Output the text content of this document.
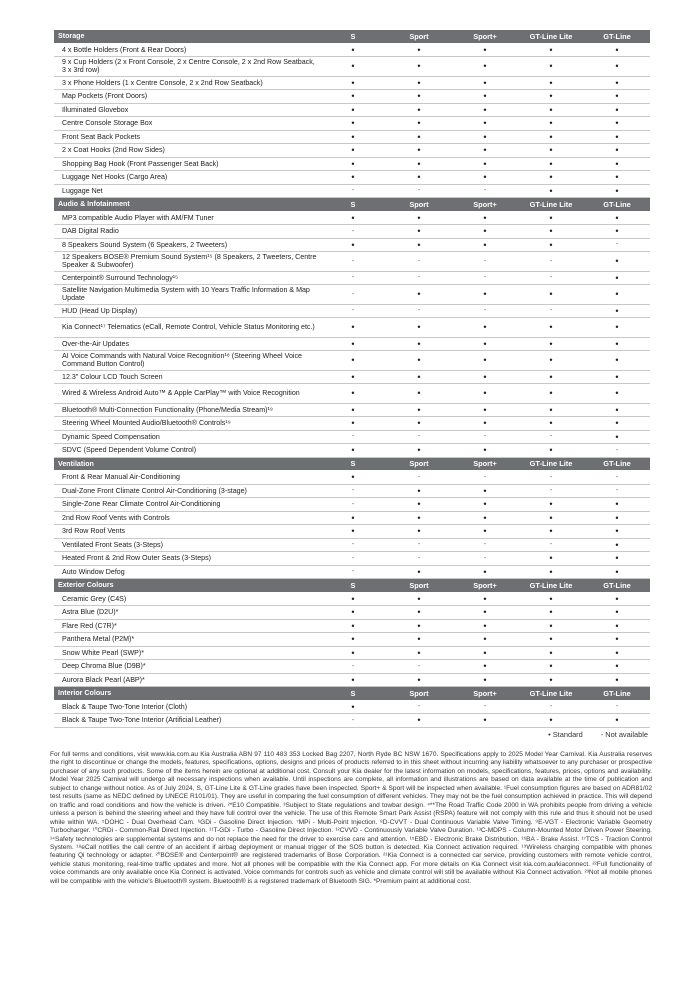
Storage	S	Sport	Sport+	GT-Line Lite	GT-Line
4 x Bottle Holders (Front & Rear Doors)	•	•	•	•	•
9 x Cup Holders (2 x Front Console, 2 x Centre Console, 2 x 2nd Row Seatback, 3 x 3rd row)	•	•	•	•	•
3 x Phone Holders (1 x Centre Console, 2 x 2nd Row Seatback)	•	•	•	•	•
Map Pockets (Front Doors)	•	•	•	•	•
Illuminated Glovebox	•	•	•	•	•
Centre Console Storage Box	•	•	•	•	•
Front Seat Back Pockets	•	•	•	•	•
2 x Coat Hooks (2nd Row Sides)	•	•	•	•	•
Shopping Bag Hook (Front Passenger Seat Back)	•	•	•	•	•
Luggage Net Hooks (Cargo Area)	•	•	•	•	•
Luggage Net	-	-	-	•	•
Audio & Infotainment	S	Sport	Sport+	GT-Line Lite	GT-Line
MP3 compatible Audio Player with AM/FM Tuner	•	•	•	•	•
DAB Digital Radio	-	•	•	•	•
8 Speakers Sound System (6 Speakers, 2 Tweeters)	•	•	•	•	-
12 Speakers BOSE® Premium Sound System¹⁵ (8 Speakers, 2 Tweeters, Centre Speaker & Subwoofer)	-	-	-	-	•
Centerpoint® Surround Technology¹⁵	-	-	-	-	•
Satellite Navigation Multimedia System with 10 Years Traffic Information & Map Update	-	•	•	•	•
HUD (Head Up Display)	-	-	-	-	•
Kia Connect¹⁷ Telematics (eCall, Remote Control, Vehicle Status Monitoring etc.)	•	•	•	•	•
Over-the-Air Updates	•	•	•	•	•
AI Voice Commands with Natural Voice Recognition¹⁸ (Steering Wheel Voice Command Button Control)	•	•	•	•	•
12.3" Colour LCD Touch Screen	•	•	•	•	•
Wired & Wireless Android Auto™ & Apple CarPlay™ with Voice Recognition	•	•	•	•	•
Bluetooth® Multi-Connection Functionality (Phone/Media Stream)¹⁹	•	•	•	•	•
Steering Wheel Mounted Audio/Bluetooth® Controls¹⁹	•	•	•	•	•
Dynamic Speed Compensation	-	-	-	-	•
SDVC (Speed Dependent Volume Control)	•	•	•	•	-
Ventilation	S	Sport	Sport+	GT-Line Lite	GT-Line
Front & Rear Manual Air-Conditioning	•	-	-	-	-
Dual-Zone Front Climate Control Air-Conditioning (3-stage)	-	•	•	-	-
Single-Zone Rear Climate Control Air-Conditioning	-	•	•	•	•
2nd Row Roof Vents with Controls	•	•	•	•	•
3rd Row Roof Vents	•	•	•	•	•
Ventilated Front Seats (3-Steps)	-	-	-	-	•
Heated Front & 2nd Row Outer Seats (3-Steps)	-	-	-	•	•
Auto Window Defog	-	•	•	•	•
Exterior Colours	S	Sport	Sport+	GT-Line Lite	GT-Line
Ceramic Grey (C4S)	•	•	•	•	•
Astra Blue (D2U)*	•	•	•	•	•
Flare Red (C7R)*	•	•	•	•	•
Panthera Metal (P2M)*	•	•	•	•	•
Snow White Pearl (SWP)*	•	•	•	•	•
Deep Chroma Blue (D9B)*	-	-	•	•	•
Aurora Black Pearl (ABP)*	•	•	•	•	•
Interior Colours	S	Sport	Sport+	GT-Line Lite	GT-Line
Black & Taupe Two-Tone Interior (Cloth)	•	-	-	-	-
Black & Taupe Two-Tone Interior (Artificial Leather)	-	•	•	•	•
• Standard - Not available

For full terms and conditions, visit www.kia.com.au Kia Australia ABN 97 110 483 353 Locked Bag 2207, North Ryde BC NSW 1670. Specifications apply to 2025 Model Year Carnival. Kia Australia reserves the right to discontinue or change the models, features, specifications, options, designs and prices of products referred to in this sheet without incurring any liability whatsoever to any purchaser or prospective purchaser of any such products. Some of the items herein are optional at additional cost. Consult your Kia dealer for the latest information on models, specifications, features, prices, options and availability. Model Year 2025 Carnival will undergo all necessary inspections when available. Until inspections are complete, all information and illustrations are based on data available at the time of publication and subject to change without notice. As of July 2024, S, GT-Line Lite & GT-Line grades have been inspected. Sport+ & Sport will be inspected when available. ¹Fuel consumption figures are based on ADR81/02 test results (same as NEDC defined by UNECE R101/01). They are useful in comparing the fuel consumption of different vehicles. They may not be the fuel consumption achieved in practice. This will depend on traffic and road conditions and how the vehicle is driven. ²*E10 Compatible. ³Subject to State regulations and towbar design. ⁴**The Road Traffic Code 2000 in WA prohibits people from driving a vehicle unless a person is behind the steering wheel and they have full control over the vehicle. The use of this Remote Smart Park Assist (RSPA) feature will not comply with this rule and thus it should not be used while within WA. ⁵DOHC - Dual Overhead Cam. ⁶GDi - Gasoline Direct Injection. ⁷MPi - Multi-Point Injection. ⁸D-CVVT - Dual Continuous Variable Valve Timing. ⁹E-VGT - Electronic Variable Geometry Turbocharger. ¹⁰CRDi - Common-Rail Direct Injection. ¹¹T-GDi - Turbo - Gasoline Direct Injection. ¹²CVVD - Continuously Variable Valve Duration. ¹³C-MDPS - Column-Mounted Motor Driven Power Steering. ¹⁴Safety technologies are supplemental systems and do not replace the need for the driver to exercise care and attention. ¹⁵EBD - Electronic Brake Distribution. ¹⁶BA - Brake Assist. ¹⁷TCS - Traction Control System. ¹⁸eCall notifies the call centre of an accident if airbag deployment or manual trigger of the SOS button is detected. Kia Connect activation required. ¹⁹Wireless charging compatible with phones featuring Qi technology or adapter. ²⁰BOSE® and Centerpoint® are registered trademarks of Bose Corporation. ²¹Kia Connect is a connected car service, providing customers with remote vehicle control, vehicle status monitoring, real-time traffic updates and more. Not all phones will be compatible with the Kia Connect app. For more details on Kia Connect visit kia.com.au/kiaconnect. ²²Full functionality of voice commands are only available once Kia Connect is activated. Voice commands for controls such as vehicle and climate control will still be available without Kia Connect activation. ²³Not all mobile phones will be compatible with the vehicle's Bluetooth® system. Bluetooth® is a registered trademark of Bluetooth SIG. *Premium paint at additional cost.
